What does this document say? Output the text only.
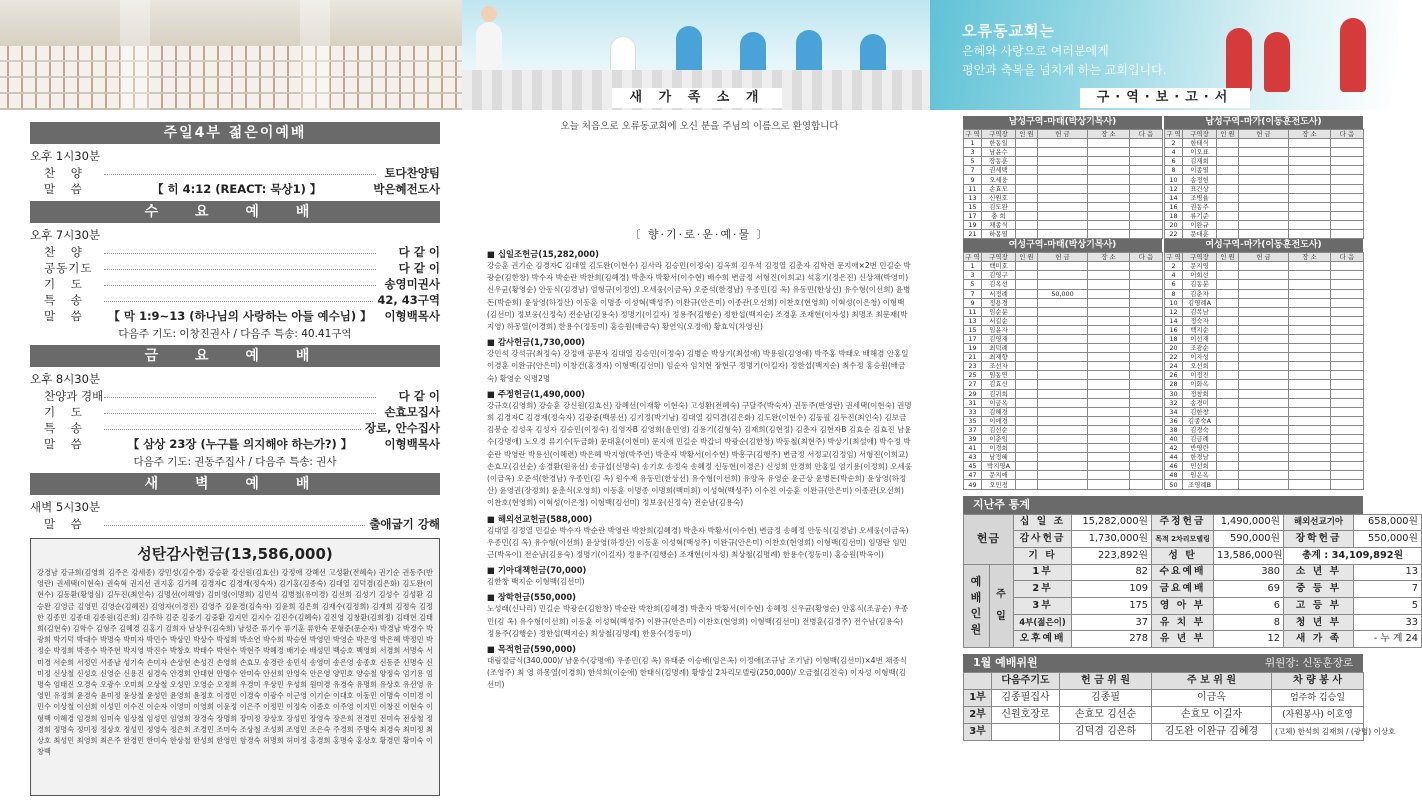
새 가 족 소 개
오류동교회는
은혜와 사랑으로 여러분에게
평안과 축복을 넘치게 하는 교회입니다.
구·역·보·고·서
주일4부 젊은이예배
오후 1시30분
찬 양	토다찬양팀
말 씀	【 히 4:12 (REACT: 묵상1) 】	박은혜전도사
수 요 예 배
오후 7시30분
찬 양	다 같 이
공동기도	다 같 이
기 도	송영미권사
특 송	42, 43구역
말 씀	【 막 1:9~13 (하나님의 사랑하는 아들 예수님) 】	이형백목사
다음주 기도: 이창진권사 / 다음주 특송: 40.41구역
금 요 예 배
오후 8시30분
찬양과 경배	다 같 이
기 도	손효모집사
특 송	장로, 안수집사
말 씀	【 삼상 23장 (누구를 의지해야 하는가?) 】	이형백목사
다음주 기도: 권동주집사 / 다음주 특송: 권사
새 벽 예 배
새벽 5시30분
말 씀	출애굽기 강해
성탄감사헌금(13,586,000)
강경남 강규희(김영희 김주은 강세종) 강민성(김수경) 강승환 강신원(김효신) 강정애 강혜선 고성환(전혜숙) 권기순 권동주(반영란) 권세택(이현숙) 권숙혁 권지선 권지홍 김가혜 김경자C 김경재(정숙자) 김기홍(김종숙) 김대열 김덕겸(김은화) 김도완(이현수) 김동환(황영심) 김두진(최인숙) 김명선(이해영) 김미영(이명희) 김민석 김병철(유미경) 김선희 김성기 김성수 김성환 김승완 김영금 김영민 김영순(김혜진) 김영자(이경진) 김영주 김윤경(김숙자) 김윤희 김은희 김재수(김정희) 김재희 김정숙 김정한 김종민 김종대 김종원(김은희) 김주하 김준 김중기 김중환 김지민 김지수 김진수(김혜숙) 김진영 김창환(김희정) 김태현 김태희(김현숙) 김학수 김형주 김혜경 김홍기 김희자 남상우(김숙희) 남성준 류기수 류기훈 류한숙 문형준(문순자) 박경남 박경수 박광희 박기덕 박대수 박명숙 박미자 박민수 박상민 박상수 박성희 박소연 박수희 박승현 박영민 박영순 박은영 박은혜 박정민 박정순 박정희 박종수 박주현 박지영 박진수 박창호 박태수 박현수 박현주 박혜경 배기순 배성민 백승호 백영희 서경희 서명숙 서미경 서순희 서정민 서종남 성기숙 손미자 손상현 손성진 손영희 손효모 송경란 송민석 송영미 송은영 송종호 신동준 신명숙 신미정 신상철 신성호 신영순 신용진 심경숙 안경희 안대현 안명수 안미숙 안선희 안영숙 안은영 양민호 양승철 양정숙 엄기용 엄명숙 엄태진 오경숙 오광수 오미희 오상철 오성민 오영순 오정희 우경미 우상민 우성희 원미경 유경숙 유명희 유상호 유선영 유영민 유정희 윤경숙 윤미정 윤상철 윤성민 윤영희 윤정호 이경민 이경숙 이광수 이근영 이기순 이대호 이동민 이명숙 이미경 이민수 이상철 이선희 이성민 이수진 이순자 이영미 이영희 이윤정 이은주 이정민 이정숙 이종호 이주영 이지민 이창진 이현숙 이형백 이혜경 임경희 임미숙 임상철 임성민 임영희 장경숙 장명희 장미정 장상호 장성민 장영숙 장은희 전경민 전미숙 전상철 정경희 정명숙 정미정 정상호 정성민 정영숙 정은희 조경민 조미숙 조상철 조성희 조영민 조은숙 주경희 주명숙 최경숙 최미정 최상호 최성민 최영희 최은주 한경민 한미숙 한상철 한성희 한영민 함경숙 허명희 허미정 홍경희 홍명숙 홍상호 황경민 황미숙 이창백
오늘 처음으로 오류동교회에 오신 분을 주님의 이름으로 환영합니다
〔 향·기·로·운·예·물 〕
■ 십일조헌금(15,282,000)
강승훈 권기순 김경자C 김대열 김도완(이현수) 김사라 김승민(이정숙) 김옥희 김우석 김정열 김춘자 김학련 문지애×2번 민길순 박광순(김한창) 박수자 박순란 박찬희(김혜경) 박춘자 박황서(이수현) 배수희 변금정 서형진(이희교) 석홍기(정은진) 신상채(박영미) 신우균(황영순) 안동식(김경남) 엄형규(이정연) 오세웅(이금옥) 오준석(한경남) 우종민(김 옥) 유동민(한상선) 유수형(이선희) 윤병돈(박순희) 윤상영(하정산) 이동훈 이명종 이성혁(백성주) 이완규(안은미) 이종관(오선희) 이찬호(현영희) 이혁성(이은청) 이형백(김선미) 정보웅(신정숙) 전순남(김용숙) 정명기(이길자) 정용주(김행순) 정한섭(백지순) 조경훈 조재현(이자성) 최명조 최문재(박지영) 하몽열(이경희) 한용수(정동미) 홍승원(배금숙) 황연익(오정애) 황효익(차영신)
■ 감사헌금(1,730,000)
강민석 강석규(최정숙) 강정애 공문자 김대열 김승민(이정숙) 김병순 박상기(최설애) 박용원(김영애) 박주홍 박태오 배해겸 안홍일 이경훈 이완규(안은미) 이창건(홍경자) 이형백(김선미) 임순자 임치현 장현구 정명기(이길자) 정한섭(백지순) 최수정 홍승원(배금숙) 황영순 익명2명
■ 주정헌금(1,490,000)
강규호(김영희) 강승훈 강신원(김효신) 강혜선(이재황 이현숙) 고성환(전혜숙) 구달주(박숙자) 권동주(반영란) 권세택(이현숙) 권명희 김경자C 김경재(정숙자) 김광중(백봉선) 김기정(박기남) 김대열 김덕겸(김은화) 김도완(이현수) 김동필 김두진(최인숙) 김보금 김봉순 김성옥 김성자 김승민(이정숙) 김영자B 김영희(윤민영) 김용기(김형숙) 김재희(김현정) 김춘자 김현자B 김효순 김효진 남윤수(강명애) 노오경 류기수(두금화) 문대훈(이현미) 문지애 민길순 박갑녀 박광순(김한창) 박동철(최현주) 박상기(최설애) 박수정 박순란 박영란 박용신(이혜련) 박은혜 박지영(박주연) 박춘자 박황서(이수현) 박흥구(김행주) 변금정 서정교(김정임) 서형진(이희교) 손효모(김선순) 송경환(원유선) 송규섭(신명숙) 송기호 송정숙 송혜정 신동현(이경은) 신성희 안경희 안홍일 엄기용(이정희) 오세웅(이금옥) 오준석(한경남) 우종민(김 옥) 원수재 유동민(한상선) 유수형(이선희) 유양옥 유영순 윤근상 윤병돈(박순희) 윤상영(하정산) 윤영권(장정희) 윤춘식(오영희) 이동훈 이명종 이명희(백미희) 이성혁(백성주) 이수진 이승훈 이완규(안은미) 이종관(오선희) 이찬호(현영희) 이혁성(이은청) 이형백(김선미) 정보웅(신정숙) 전순남(김용숙)
■ 해외선교헌금(588,000)
김대열 김정열 민길순 박수자 박순란 박영란 박찬희(김혜경) 박춘자 박황서(이수현) 변금정 송혜정 안동식(김경남) 오세웅(이금옥) 우종민(김 옥) 유수형(이선희) 윤상영(하정산) 이동훈 이성혁(백성주) 이완규(안은미) 이찬호(현영희) 이형백(김선미) 임명란 임민근(박옥이) 전순남(김용숙) 정명기(이길자) 정용주(김행순) 조재현(이자성) 최상철(김명례) 한용수(정동미) 홍승원(박옥이)
■ 기아대책헌금(70,000)
김한창 백지순 이형백(김선미)
■ 장학헌금(550,000)
노성래(신나리) 민길순 박광순(김한창) 박순란 박찬희(김혜경) 박춘자 박황서(이수현) 송혜정 신우균(황영순) 안홍식(조공순) 우종민(김 옥) 유수형(이선희) 이동훈 이성혁(백성주) 이완규(안은미) 이찬호(현영희) 이형백(김선미) 전병훈(김경주) 전수남(김용숙) 정용주(김행순) 정한섭(백지순) 최상철(김명례) 한용수(정동미)
■ 목적헌금(590,000)
대림절금식(340,000)/ 남윤수(강명애) 우종민(김 옥) 유태준 이승배(임은옥) 이정애(조규남 조기남) 이형백(김선미)×4번 채종식(조영주) 최 영 하몽열(이경희) 한석희(이순애) 한태식(김명례) 황방실 2차리모델링(250,000)/ 오금철(김진숙) 이자성 이형백(김선미)
남성구역-마태(박상기목사)
구 역	구역장	인 원	헌 금	장 소	다 음
1	한동일				
3	남윤수				
5	장동훈				
7	권세택				
9	오세웅				
11	손효모				
13	신원호				
15	김도완				
17	충 희				
19	채종식				
21	하몽열				
남성구역-마가(이동훈전도사)
구 역	구역장	인 원	헌 금	장 소	다 음
2	한태식				
4	이오표				
6	김재희				
8	이종열				
10	송정헌				
12	표건상				
14	조병율				
16	권동주				
18	류기준				
20	이완규				
22	문대훈				
여성구역-마태(박상기목사)
구 역	구역장	인 원	헌 금	장 소	다 음
1	백미호				
3	김영구				
5	김옥선				
7	서정례		50,000		
9	정용경				
11	임순분				
13	서길순				
15	임윤자				
17	김영재				
19	최덕례				
21	최재향				
23	조선자				
25	임동연				
27	김효신				
29	김귀희				
31	이금옥				
33	김혜경				
35	이애경				
37	김선순				
39	이춘임				
41	이경희				
43	남정혜				
45	박지영A				
47	문지애				
49	오민정				
여성구역-마가(이동훈전도사)
구 역	구역장	인 원	헌 금	장 소	다 음
2	문지영				
4	이희선				
6	김동분				
8	김춘자				
10	김영례A				
12	김복남				
14	정숙자				
16	백지순				
18	이선재				
20	조광순				
22	이자성				
24	오선희				
26	이정진				
28	이화옥				
30	정창희				
32	송경미				
34	김한창				
36	김종숙A				
38	김경숙				
40	김금례				
42	반영란				
44	한경남				
46	민선희				
48	임은옥				
50	조영례B				
지난주 통계
헌금		십 일 조	15,282,000원	주정헌금	1,490,000원	해외선교기아	658,000원
		감사헌금	1,730,000원	목적 2차리모델링	590,000원	장학헌금	550,000원
		기 타	223,892원	성 탄	13,586,000원	총계 : 34,109,892원	
예배인원	주일	1부	82	수요예배	380	소 년 부	13
		2부	109	금요예배	69	중 등 부	7
		3부	175	영 아 부	6	고 등 부	5
		4부(젊은이)	37	유 치 부	8	청 년 부	33
		오후예배	278	유 년 부	12	새 가 족	- 누 계 24
1월 예배위원	위원장: 신동훈장로
	다음주기도	헌 금 위 원	주 보 위 원	차 량 봉 사
1부	김종필집사	김종필	이금옥	엄주하 김승일
2부	신원호장로	손효모 김선순	손효모 이길자	(자원봉사) 이호영
3부		김덕겸 김은하	김도완 이완규 김혜경	(고체) 한석희 김재희 / (광명) 이상호
